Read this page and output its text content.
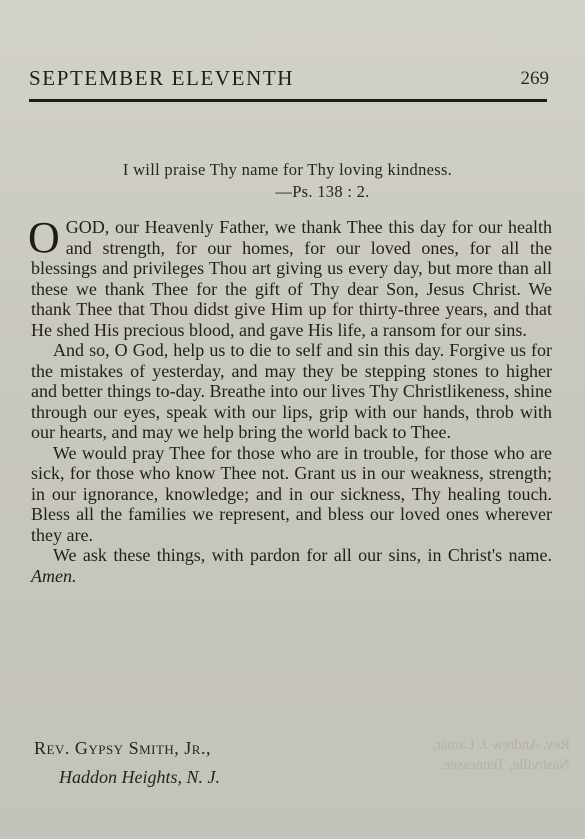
SEPTEMBER ELEVENTH	269
I will praise Thy name for Thy loving kindness.
—Ps. 138 : 2.

O GOD, our Heavenly Father, we thank Thee this day for our health and strength, for our homes, for our loved ones, for all the blessings and privileges Thou art giving us every day, but more than all these we thank Thee for the gift of Thy dear Son, Jesus Christ. We thank Thee that Thou didst give Him up for thirty-three years, and that He shed His precious blood, and gave His life, a ransom for our sins.

And so, O God, help us to die to self and sin this day. Forgive us for the mistakes of yesterday, and may they be stepping stones to higher and better things to-day. Breathe into our lives Thy Christlikeness, shine through our eyes, speak with our lips, grip with our hands, throb with our hearts, and may we help bring the world back to Thee.

We would pray Thee for those who are in trouble, for those who are sick, for those who know Thee not. Grant us in our weakness, strength; in our ignorance, knowledge; and in our sickness, Thy healing touch. Bless all the families we represent, and bless our loved ones wherever they are.

We ask these things, with pardon for all our sins, in Christ's name. Amen.

Rev. Gypsy Smith, Jr.,
Haddon Heights, N. J.
Rev. Andrew J. Lamar,
Nashville, Tennessee.
